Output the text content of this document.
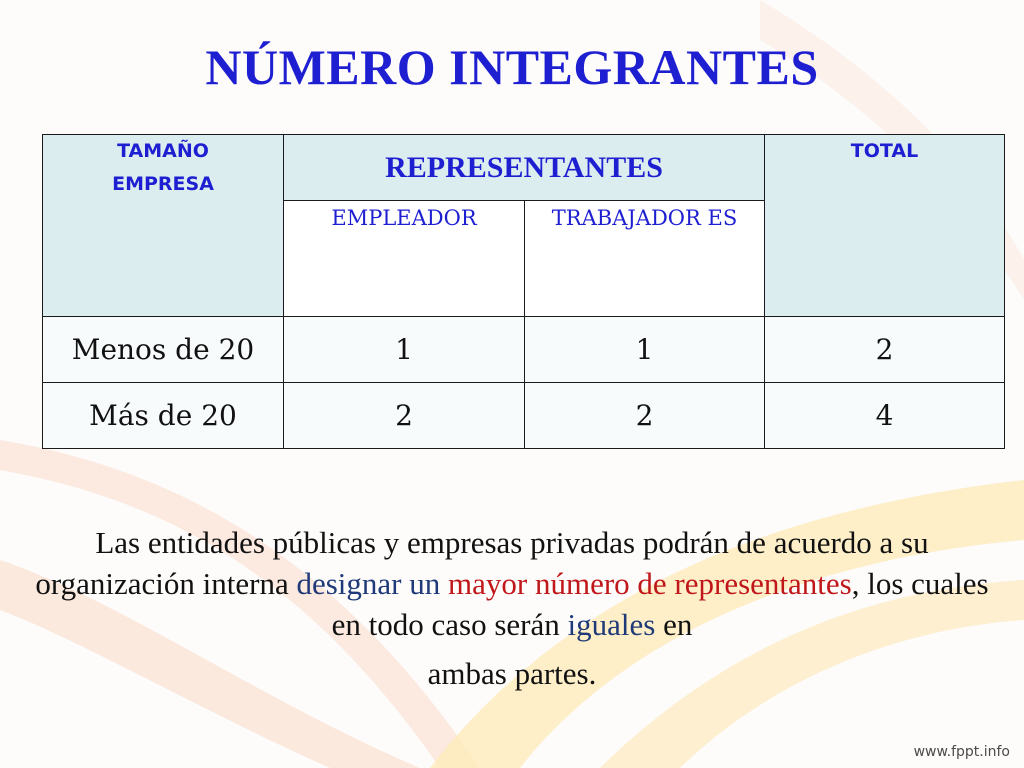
NÚMERO INTEGRANTES
TAMAÑO EMPRESA	REPRESENTANTES		TOTAL
	EMPLEADOR	TRABAJADOR ES	

Menos de 20	1	1	2
Más de 20	2	2	4

Las entidades públicas y empresas privadas podrán de acuerdo a su organización interna designar un mayor número de representantes, los cuales en todo caso serán iguales en
ambas partes.

www.fppt.info
